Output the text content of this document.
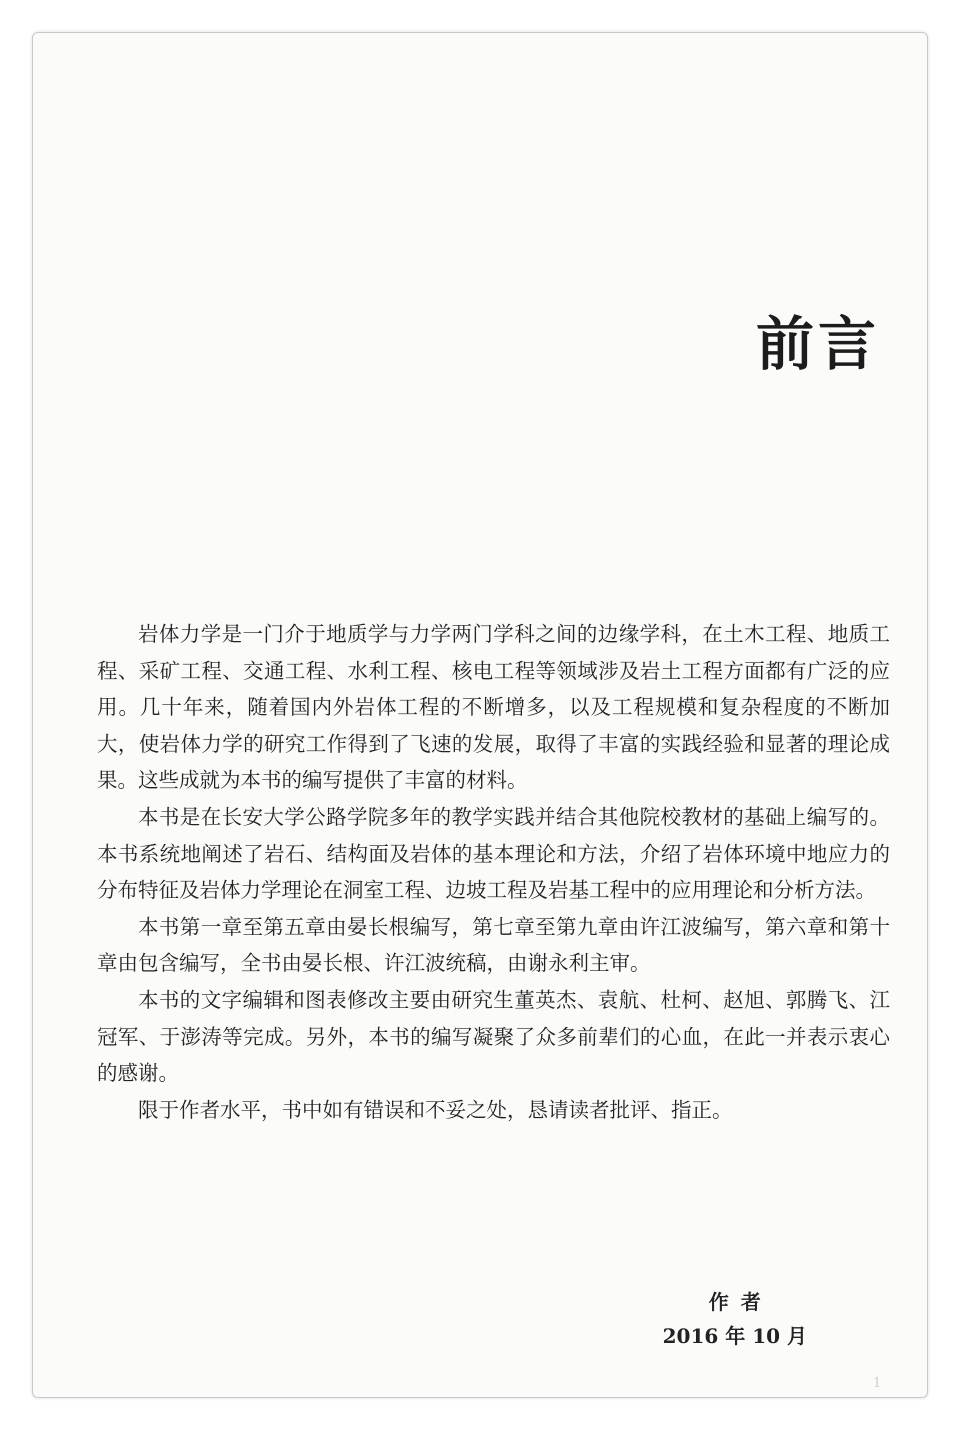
前言

岩体力学是一门介于地质学与力学两门学科之间的边缘学科，在土木工程、地质工程、采矿工程、交通工程、水利工程、核电工程等领域涉及岩土工程方面都有广泛的应用。几十年来，随着国内外岩体工程的不断增多，以及工程规模和复杂程度的不断加大，使岩体力学的研究工作得到了飞速的发展，取得了丰富的实践经验和显著的理论成果。这些成就为本书的编写提供了丰富的材料。

本书是在长安大学公路学院多年的教学实践并结合其他院校教材的基础上编写的。本书系统地阐述了岩石、结构面及岩体的基本理论和方法，介绍了岩体环境中地应力的分布特征及岩体力学理论在洞室工程、边坡工程及岩基工程中的应用理论和分析方法。

本书第一章至第五章由晏长根编写，第七章至第九章由许江波编写，第六章和第十章由包含编写，全书由晏长根、许江波统稿，由谢永利主审。

本书的文字编辑和图表修改主要由研究生董英杰、袁航、杜柯、赵旭、郭腾飞、江冠军、于澎涛等完成。另外，本书的编写凝聚了众多前辈们的心血，在此一并表示衷心的感谢。

限于作者水平，书中如有错误和不妥之处，恳请读者批评、指正。

作者
2016 年 10 月
1
